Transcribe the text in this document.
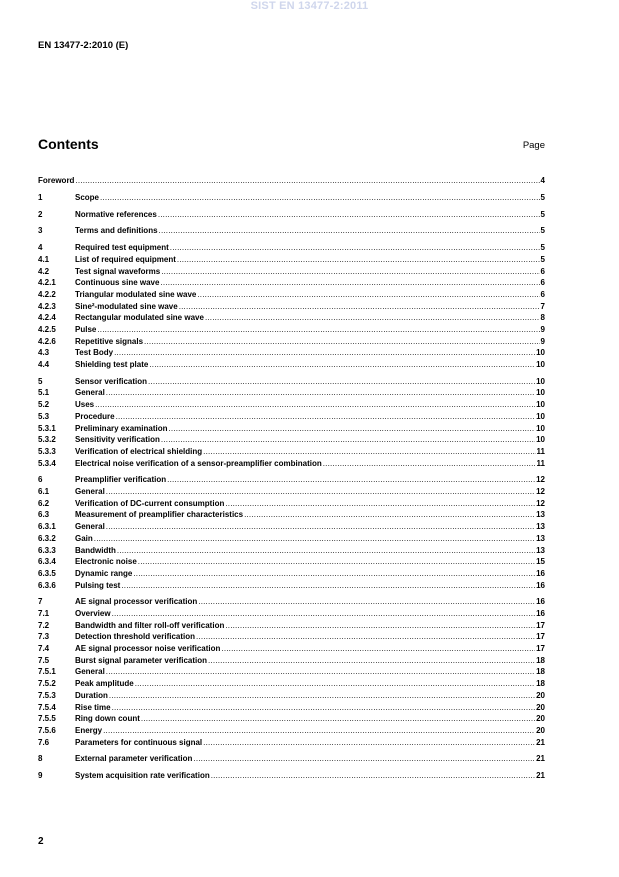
SIST EN 13477-2:2011
EN 13477-2:2010 (E)
Contents	Page
Foreword .....	4
1	Scope .....	5
2	Normative references .....	5
3	Terms and definitions .....	5
4	Required test equipment .....	5
4.1	List of required equipment .....	5
4.2	Test signal waveforms .....	6
4.2.1	Continuous sine wave .....	6
4.2.2	Triangular modulated sine wave .....	6
4.2.3	Sine²-modulated sine wave .....	7
4.2.4	Rectangular modulated sine wave .....	8
4.2.5	Pulse .....	9
4.2.6	Repetitive signals .....	9
4.3	Test Body .....	10
4.4	Shielding test plate .....	10
5	Sensor verification .....	10
5.1	General .....	10
5.2	Uses .....	10
5.3	Procedure .....	10
5.3.1	Preliminary examination .....	10
5.3.2	Sensitivity verification .....	10
5.3.3	Verification of electrical shielding .....	11
5.3.4	Electrical noise verification of a sensor-preamplifier combination .....	11
6	Preamplifier verification .....	12
6.1	General .....	12
6.2	Verification of DC-current consumption .....	12
6.3	Measurement of preamplifier characteristics .....	13
6.3.1	General .....	13
6.3.2	Gain .....	13
6.3.3	Bandwidth .....	13
6.3.4	Electronic noise .....	15
6.3.5	Dynamic range .....	16
6.3.6	Pulsing test .....	16
7	AE signal processor verification .....	16
7.1	Overview .....	16
7.2	Bandwidth and filter roll-off verification .....	17
7.3	Detection threshold verification .....	17
7.4	AE signal processor noise verification .....	17
7.5	Burst signal parameter verification .....	18
7.5.1	General .....	18
7.5.2	Peak amplitude .....	18
7.5.3	Duration .....	20
7.5.4	Rise time .....	20
7.5.5	Ring down count .....	20
7.5.6	Energy .....	20
7.6	Parameters for continuous signal .....	21
8	External parameter verification .....	21
9	System acquisition rate verification .....	21
2
